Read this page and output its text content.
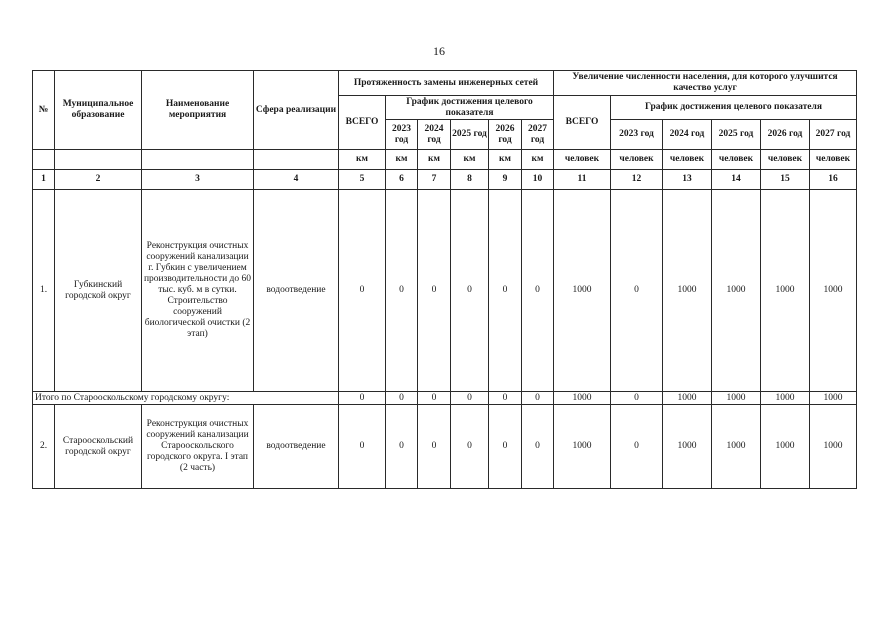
16
№	Муниципальное образование	Наименование мероприятия	Сфера реализации	Протяженность замены инженерных сетей						Увеличение численности населения, для которого улучшится качество услуг					
				ВСЕГО	График достижения целевого показателя					ВСЕГО	График достижения целевого показателя				
					2023 год	2024 год	2025 год	2026 год	2027 год		2023 год	2024 год	2025 год	2026 год	2027 год
				км	км	км	км	км	км	человек	человек	человек	человек	человек	человек
1	2	3	4	5	6	7	8	9	10	11	12	13	14	15	16
1.	Губкинский городской округ	Реконструкция очистных сооружений канализации г. Губкин с увеличением производительности до 60 тыс. куб. м в сутки. Строительство сооружений биологической очистки (2 этап)	водоотведение	0	0	0	0	0	0	1000	0	1000	1000	1000	1000
Итого по Старооскольскому городскому округу:				0	0	0	0	0	0	1000	0	1000	1000	1000	1000
2.	Старооскольский городской округ	Реконструкция очистных сооружений канализации Старооскольского городского округа. I этап (2 часть)	водоотведение	0	0	0	0	0	0	1000	0	1000	1000	1000	1000
